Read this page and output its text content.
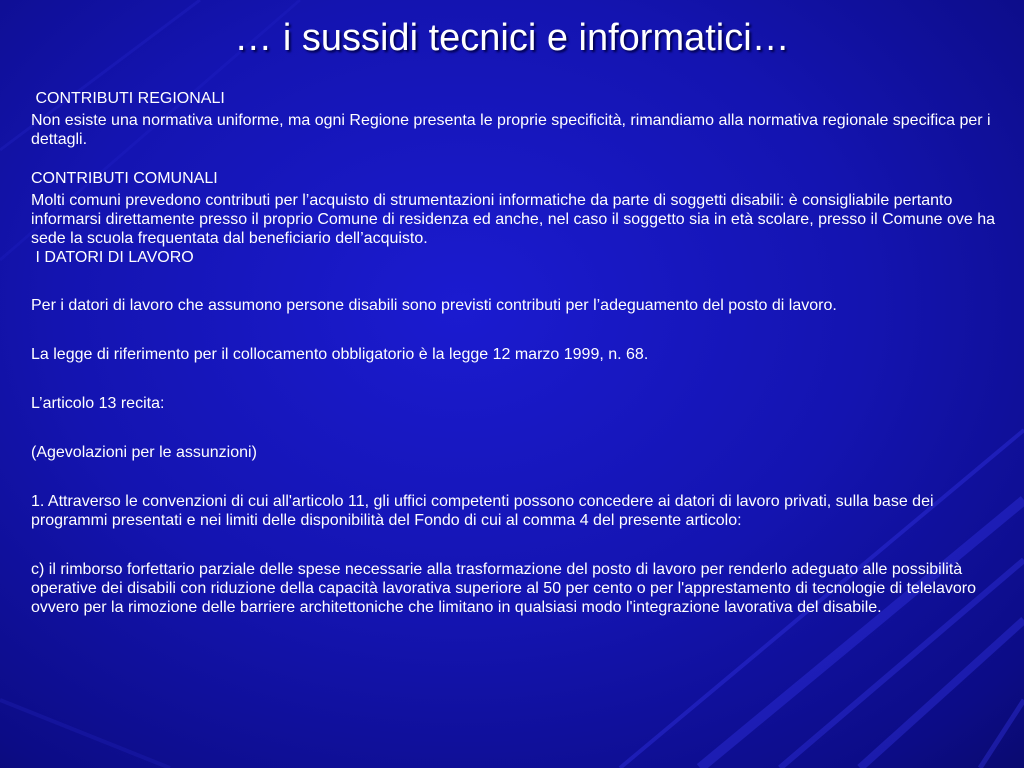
… i sussidi tecnici e informatici…

CONTRIBUTI REGIONALI

Non esiste una normativa uniforme, ma ogni Regione presenta le proprie specificità, rimandiamo alla normativa regionale specifica per i dettagli.

CONTRIBUTI COMUNALI

Molti comuni prevedono contributi per l’acquisto di strumentazioni informatiche da parte di soggetti disabili: è consigliabile pertanto informarsi direttamente presso il proprio Comune di residenza ed anche, nel caso il soggetto sia in età scolare, presso il Comune ove ha sede la scuola frequentata dal beneficiario dell’acquisto.

I DATORI DI LAVORO

Per i datori di lavoro che assumono persone disabili sono previsti contributi per l’adeguamento del posto di lavoro.

La legge di riferimento per il collocamento obbligatorio è la legge 12 marzo 1999, n. 68.

L’articolo 13 recita:

(Agevolazioni per le assunzioni)

1. Attraverso le convenzioni di cui all'articolo 11, gli uffici competenti possono concedere ai datori di lavoro privati, sulla base dei programmi presentati e nei limiti delle disponibilità del Fondo di cui al comma 4 del presente articolo:

c) il rimborso forfettario parziale delle spese necessarie alla trasformazione del posto di lavoro per renderlo adeguato alle possibilità operative dei disabili con riduzione della capacità lavorativa superiore al 50 per cento o per l'apprestamento di tecnologie di telelavoro ovvero per la rimozione delle barriere architettoniche che limitano in qualsiasi modo l'integrazione lavorativa del disabile.
